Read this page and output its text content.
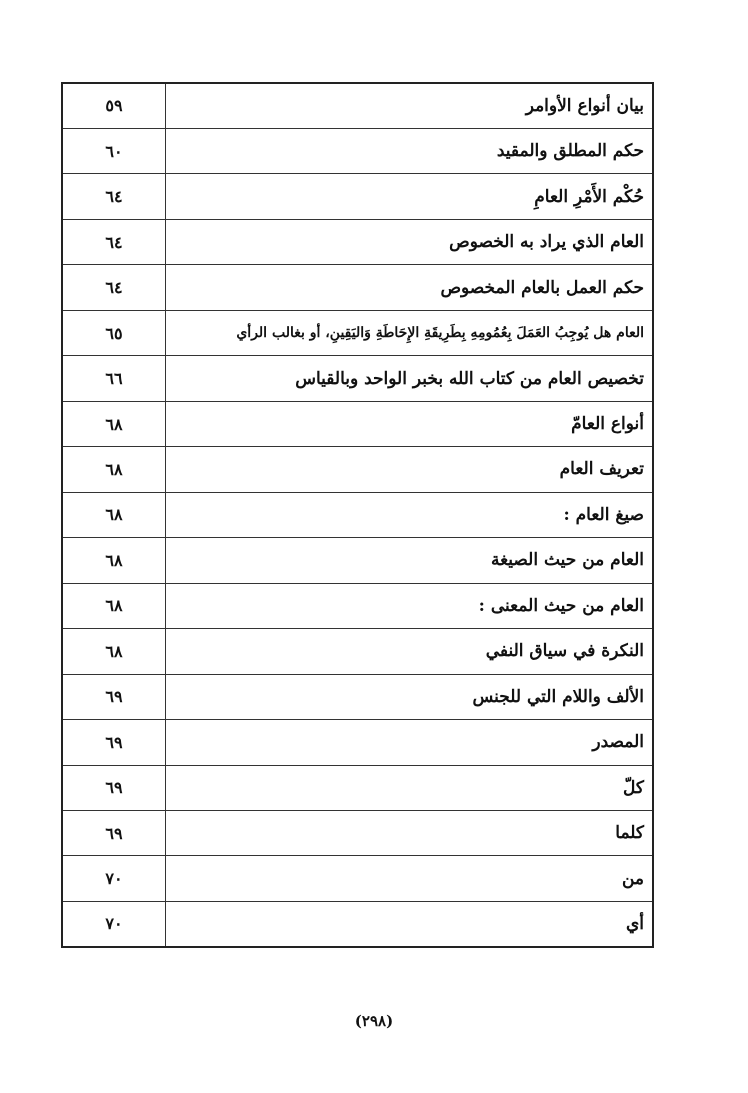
بيان أنواع الأوامر	٥٩
حكم المطلق والمقيد	٦٠
حُكْم الأَمْرِ العامِ	٦٤
العام الذي يراد به الخصوص	٦٤
حكم العمل بالعام المخصوص	٦٤
العام هل يُوجِبُ العَمَلَ بِعُمُومِهِ بِطَرِيقَةِ الإِحَاطَةِ وَاليَقِينِ، أو بغالب الرأي	٦٥
تخصيص العام من كتاب الله بخبر الواحد وبالقياس	٦٦
أنواع العامّ	٦٨
تعريف العام	٦٨
صيغ العام :	٦٨
العام من حيث الصيغة	٦٨
العام من حيث المعنى :	٦٨
النكرة في سياق النفي	٦٨
الألف واللام التي للجنس	٦٩
المصدر	٦٩
كلّ	٦٩
كلما	٦٩
من	٧٠
أي	٧٠
(٢٩٨)
